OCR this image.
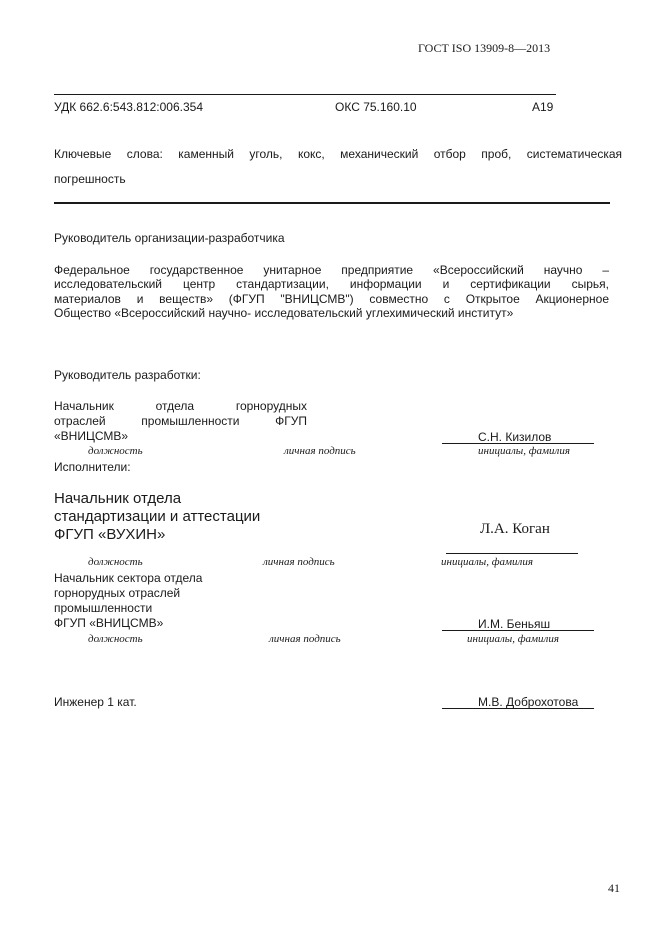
ГОСТ ISO 13909-8—2013
УДК 662.6:543.812:006.354	ОКС 75.160.10	А19
Ключевые слова: каменный уголь, кокс, механический отбор проб, систематическая
погрешность
Руководитель организации-разработчика
Федеральное государственное унитарное предприятие «Всероссийский научно –
исследовательский центр стандартизации, информации и сертификации сырья,
материалов и веществ» (ФГУП "ВНИЦСМВ") совместно с Открытое Акционерное
Общество «Всероссийский научно- исследовательский углехимический институт»
Руководитель разработки:
Начальник отдела горнорудных
отраслей промышленности ФГУП
«ВНИЦСМВ»	С.Н. Кизилов
должность	личная подпись	инициалы, фамилия
Исполнители:
Начальник отдела
стандартизации и аттестации
ФГУП «ВУХИН»	Л.А. Коган
должность	личная подпись	инициалы, фамилия
Начальник сектора отдела
горнорудных отраслей
промышленности
ФГУП «ВНИЦСМВ»	И.М. Беньяш
должность	личная подпись	инициалы, фамилия
Инженер 1 кат.	М.В. Доброхотова
41
